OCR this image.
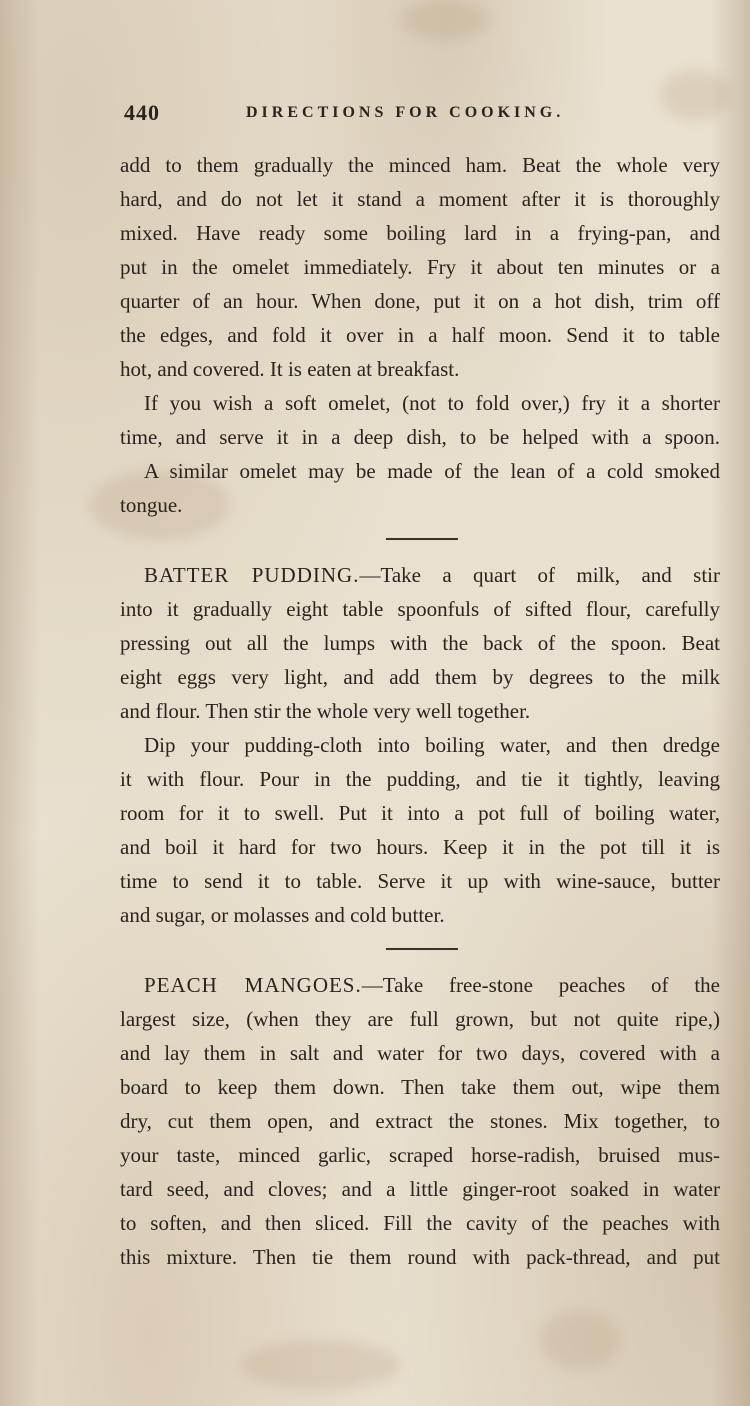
440	DIRECTIONS FOR COOKING.

add to them gradually the minced ham. Beat the whole very
hard, and do not let it stand a moment after it is thoroughly
mixed. Have ready some boiling lard in a frying-pan, and
put in the omelet immediately. Fry it about ten minutes or a
quarter of an hour. When done, put it on a hot dish, trim off
the edges, and fold it over in a half moon. Send it to table
hot, and covered. It is eaten at breakfast.

If you wish a soft omelet, (not to fold over,) fry it a shorter
time, and serve it in a deep dish, to be helped with a spoon.

A similar omelet may be made of the lean of a cold smoked
tongue.

BATTER PUDDING.—Take a quart of milk, and stir
into it gradually eight table spoonfuls of sifted flour, carefully
pressing out all the lumps with the back of the spoon. Beat
eight eggs very light, and add them by degrees to the milk
and flour. Then stir the whole very well together.

Dip your pudding-cloth into boiling water, and then dredge
it with flour. Pour in the pudding, and tie it tightly, leaving
room for it to swell. Put it into a pot full of boiling water,
and boil it hard for two hours. Keep it in the pot till it is
time to send it to table. Serve it up with wine-sauce, butter
and sugar, or molasses and cold butter.

PEACH MANGOES.—Take free-stone peaches of the
largest size, (when they are full grown, but not quite ripe,)
and lay them in salt and water for two days, covered with a
board to keep them down. Then take them out, wipe them
dry, cut them open, and extract the stones. Mix together, to
your taste, minced garlic, scraped horse-radish, bruised mus-
tard seed, and cloves; and a little ginger-root soaked in water
to soften, and then sliced. Fill the cavity of the peaches with
this mixture. Then tie them round with pack-thread, and put
